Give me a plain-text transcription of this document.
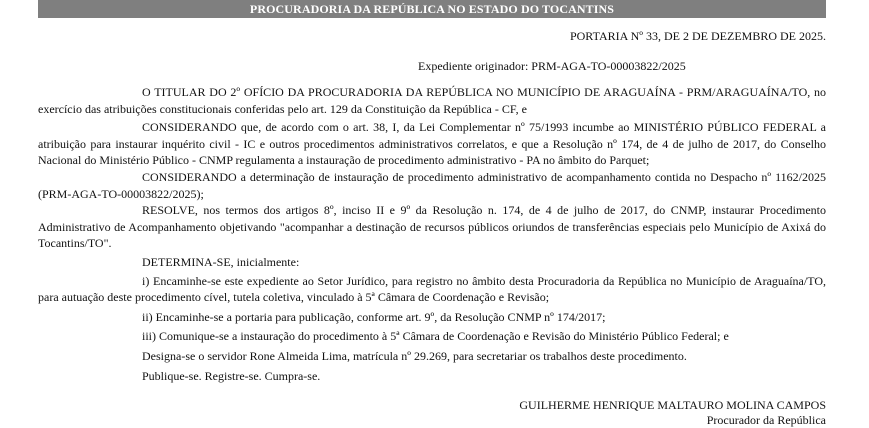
PROCURADORIA DA REPÚBLICA NO ESTADO DO TOCANTINS
PORTARIA Nº 33, DE 2 DE DEZEMBRO DE 2025.
Expediente originador: PRM-AGA-TO-00003822/2025

O TITULAR DO 2º OFÍCIO DA PROCURADORIA DA REPÚBLICA NO MUNICÍPIO DE ARAGUAÍNA - PRM/ARAGUAÍNA/TO, no exercício das atribuições constitucionais conferidas pelo art. 129 da Constituição da República - CF, e

CONSIDERANDO que, de acordo com o art. 38, I, da Lei Complementar nº 75/1993 incumbe ao MINISTÉRIO PÚBLICO FEDERAL a atribuição para instaurar inquérito civil - IC e outros procedimentos administrativos correlatos, e que a Resolução nº 174, de 4 de julho de 2017, do Conselho Nacional do Ministério Público - CNMP regulamenta a instauração de procedimento administrativo - PA no âmbito do Parquet;

CONSIDERANDO a determinação de instauração de procedimento administrativo de acompanhamento contida no Despacho nº 1162/2025 (PRM-AGA-TO-00003822/2025);

RESOLVE, nos termos dos artigos 8º, inciso II e 9º da Resolução n. 174, de 4 de julho de 2017, do CNMP, instaurar Procedimento Administrativo de Acompanhamento objetivando "acompanhar a destinação de recursos públicos oriundos de transferências especiais pelo Município de Axixá do Tocantins/TO".

DETERMINA-SE, inicialmente:

i) Encaminhe-se este expediente ao Setor Jurídico, para registro no âmbito desta Procuradoria da República no Município de Araguaína/TO, para autuação deste procedimento cível, tutela coletiva, vinculado à 5ª Câmara de Coordenação e Revisão;

ii) Encaminhe-se a portaria para publicação, conforme art. 9º, da Resolução CNMP nº 174/2017;

iii) Comunique-se a instauração do procedimento à 5ª Câmara de Coordenação e Revisão do Ministério Público Federal; e

Designa-se o servidor Rone Almeida Lima, matrícula nº 29.269, para secretariar os trabalhos deste procedimento.

Publique-se. Registre-se. Cumpra-se.

GUILHERME HENRIQUE MALTAURO MOLINA CAMPOS
Procurador da República
